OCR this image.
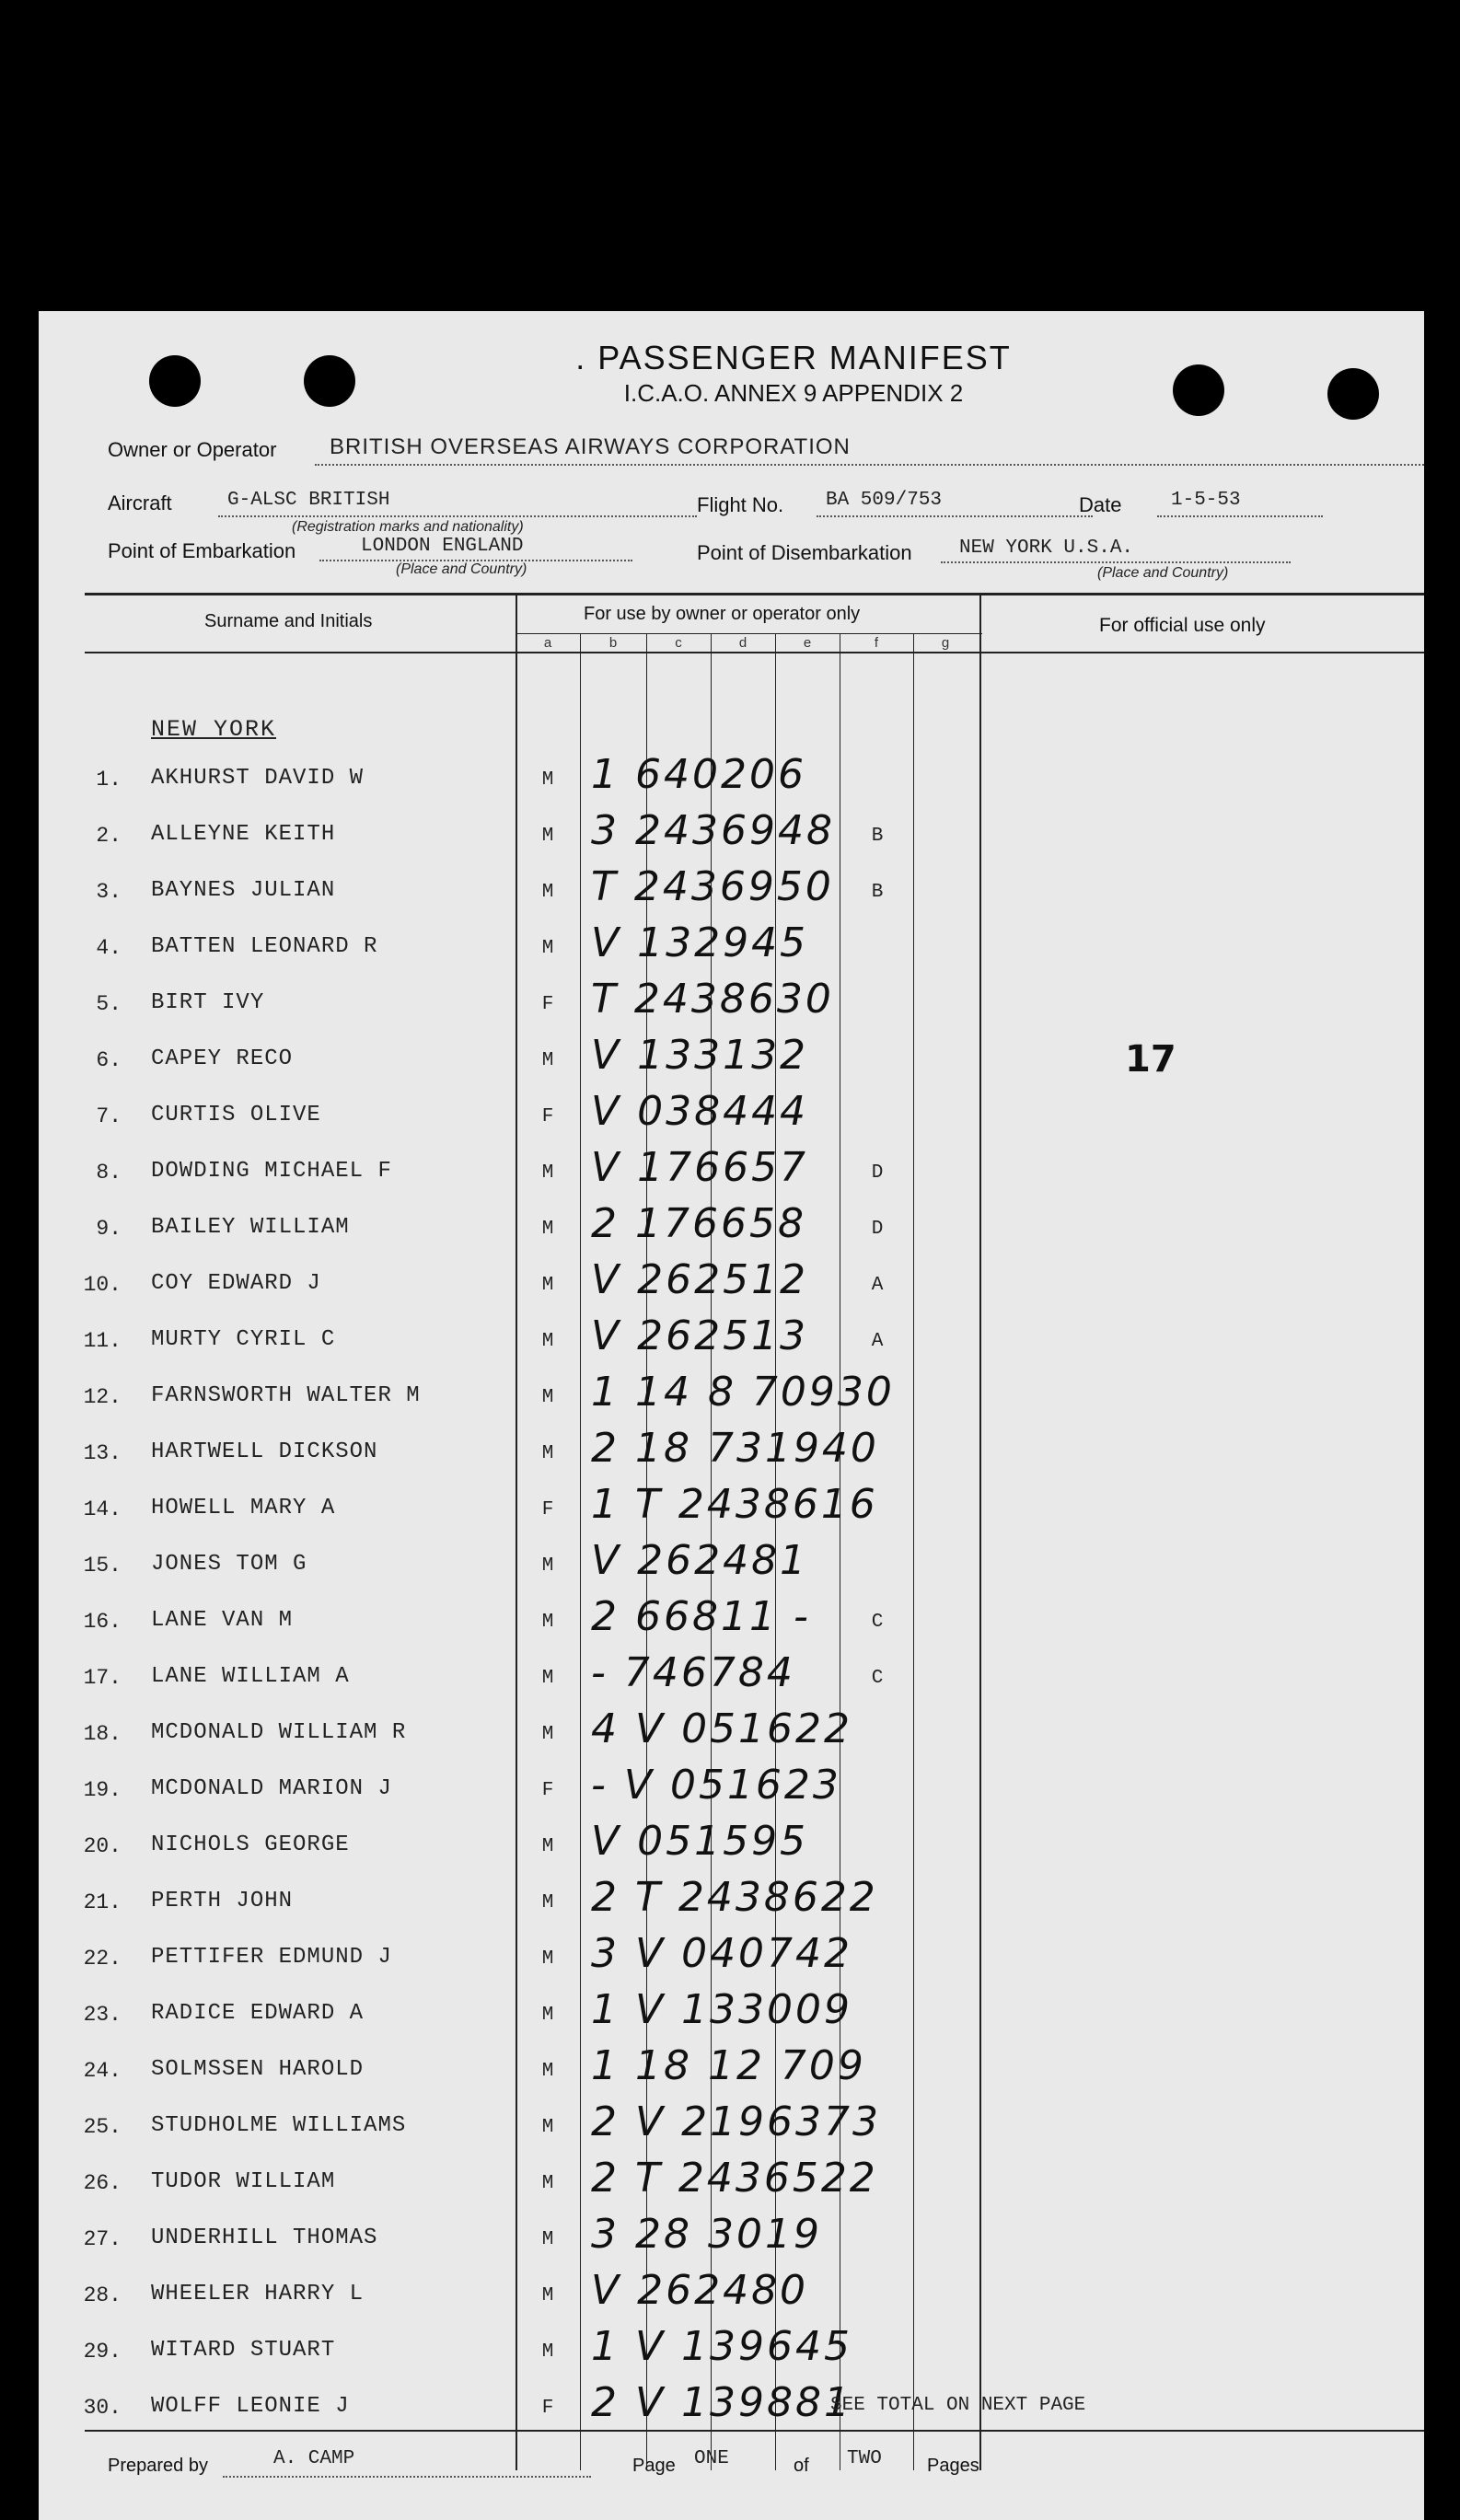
. PASSENGER MANIFEST
I.C.A.O. ANNEX 9 APPENDIX 2
Owner or Operator BRITISH OVERSEAS AIRWAYS CORPORATION
Aircraft	G-ALSC BRITISH
(Registration marks and nationality)
Flight No. BA 509/753	Date	1-5-53
Point of Embarkation	LONDON ENGLAND
(Place and Country)
Point of Disembarkation NEW YORK U.S.A.
(Place and Country)
Surname and Initials	For use by owner or operator only
For official use only
a	b	c	d	e	f	g
NEW YORK
17
1. AKHURST DAVID W	M 1 640206
2. ALLEYNE KEITH	M 3 2436948	B
3. BAYNES JULIAN	M T 2436950	B
4. BATTEN LEONARD R	M V 132945
5. BIRT IVY	F T 2438630
6. CAPEY RECO	M V 133132
7. CURTIS OLIVE	F V 038444
8. DOWDING MICHAEL F	M V 176657	D
9. BAILEY WILLIAM	M 2 176658	D
10. COY EDWARD J	M V 262512	A
11. MURTY CYRIL C	M V 262513	A
12. FARNSWORTH WALTER M	M 1 14 8 70930
13. HARTWELL DICKSON	M 2 18 731940
14. HOWELL MARY A	F 1 T 2438616
15. JONES TOM G	M V 262481
16. LANE VAN M	M 2 66811 -	C
17. LANE WILLIAM A	M - 746784	C
18. MCDONALD WILLIAM R	M 4 V 051622
19. MCDONALD MARION J	F - V 051623
20. NICHOLS GEORGE	M V 051595
21. PERTH JOHN	M 2 T 2438622
22. PETTIFER EDMUND J	M 3 V 040742
23. RADICE EDWARD A	M 1 V 133009
24. SOLMSSEN HAROLD	M 1 18 12 709
25. STUDHOLME WILLIAMS	M 2 V 2196373
26. TUDOR WILLIAM	M 2 T 2436522
27. UNDERHILL THOMAS	M 3 28 3019
28. WHEELER HARRY L	M V 262480
29. WITARD STUART	M 1 V 139645
30. WOLFF LEONIE J	F 2 V 139881
SEE TOTAL ON NEXT PAGE
Prepared by	A. CAMP	Page ONE	of TWO Pages
